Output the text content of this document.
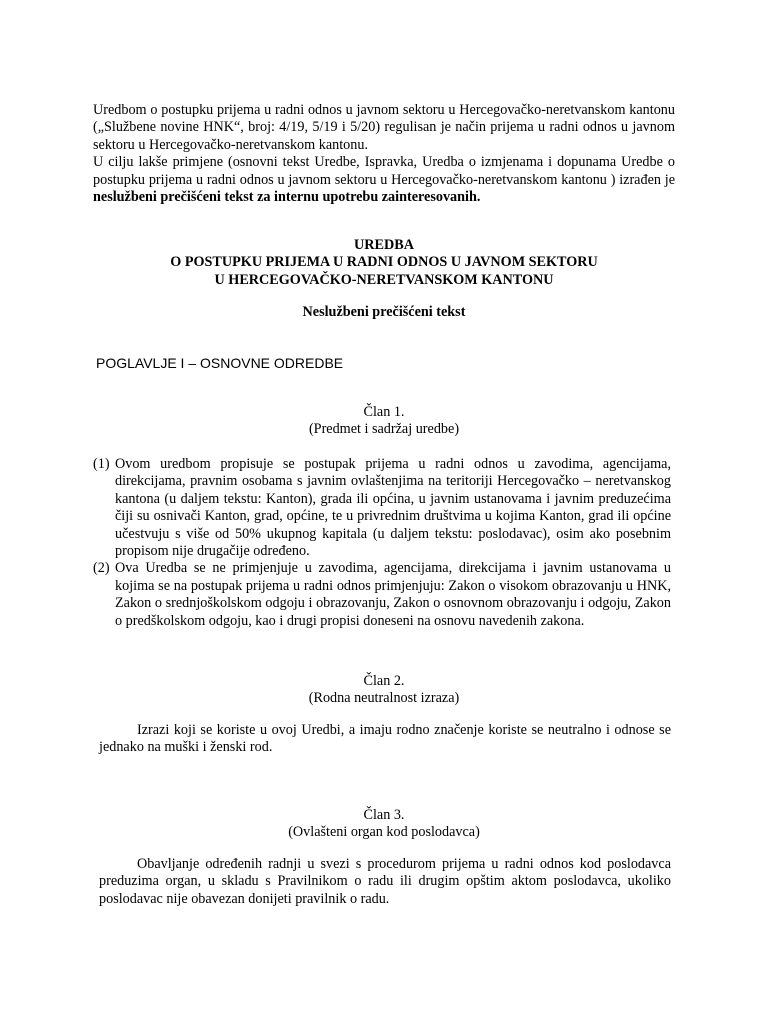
Uredbom o postupku prijema u radni odnos u javnom sektoru u Hercegovačko-neretvanskom kantonu („Službene novine HNK“, broj: 4/19, 5/19 i 5/20) regulisan je način prijema u radni odnos u javnom sektoru u Hercegovačko-neretvanskom kantonu.

U cilju lakše primjene (osnovni tekst Uredbe, Ispravka, Uredba o izmjenama i dopunama Uredbe o postupku prijema u radni odnos u javnom sektoru u Hercegovačko-neretvanskom kantonu ) izrađen je neslužbeni prečišćeni tekst za internu upotrebu zainteresovanih.

UREDBA
O POSTUPKU PRIJEMA U RADNI ODNOS U JAVNOM SEKTORU
U HERCEGOVAČKO-NERETVANSKOM KANTONU
Neslužbeni prečišćeni tekst
POGLAVLJE I – OSNOVNE ODREDBE
Član 1.
(Predmet i sadržaj uredbe)
(1) Ovom uredbom propisuje se postupak prijema u radni odnos u zavodima, agencijama, direkcijama, pravnim osobama s javnim ovlaštenjima na teritoriji Hercegovačko – neretvanskog kantona (u daljem tekstu: Kanton), grada ili općina, u javnim ustanovama i javnim preduzećima čiji su osnivači Kanton, grad, općine, te u privrednim društvima u kojima Kanton, grad ili općine učestvuju s više od 50% ukupnog kapitala (u daljem tekstu: poslodavac), osim ako posebnim propisom nije drugačije određeno.
(2) Ova Uredba se ne primjenjuje u zavodima, agencijama, direkcijama i javnim ustanovama u kojima se na postupak prijema u radni odnos primjenjuju: Zakon o visokom obrazovanju u HNK, Zakon o srednjoškolskom odgoju i obrazovanju, Zakon o osnovnom obrazovanju i odgoju, Zakon o predškolskom odgoju, kao i drugi propisi doneseni na osnovu navedenih zakona.
Član 2.
(Rodna neutralnost izraza)

Izrazi koji se koriste u ovoj Uredbi, a imaju rodno značenje koriste se neutralno i odnose se jednako na muški i ženski rod.

Član 3.
(Ovlašteni organ kod poslodavca)

Obavljanje određenih radnji u svezi s procedurom prijema u radni odnos kod poslodavca preduzima organ, u skladu s Pravilnikom o radu ili drugim opštim aktom poslodavca, ukoliko poslodavac nije obavezan donijeti pravilnik o radu.
